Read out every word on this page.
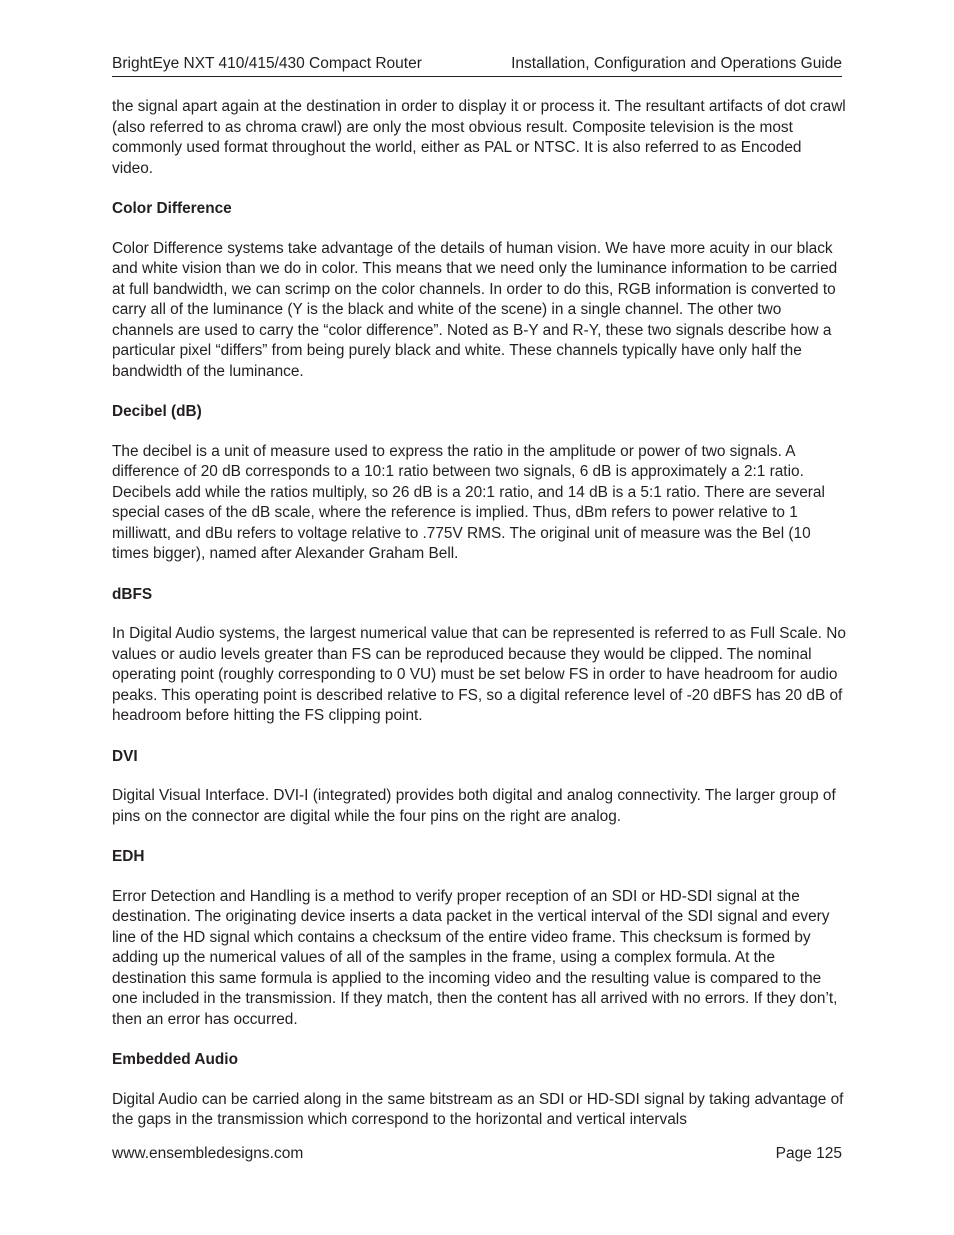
BrightEye NXT 410/415/430 Compact Router	Installation, Configuration and Operations Guide

the signal apart again at the destination in order to display it or process it. The resultant artifacts of dot crawl (also referred to as chroma crawl) are only the most obvious result. Composite television is the most commonly used format throughout the world, either as PAL or NTSC. It is also referred to as Encoded video.

Color Difference

Color Difference systems take advantage of the details of human vision. We have more acuity in our black and white vision than we do in color. This means that we need only the luminance information to be carried at full bandwidth, we can scrimp on the color channels. In order to do this, RGB information is converted to carry all of the luminance (Y is the black and white of the scene) in a single channel. The other two channels are used to carry the “color difference”. Noted as B-Y and R-Y, these two signals describe how a particular pixel “differs” from being purely black and white. These channels typically have only half the bandwidth of the luminance.

Decibel (dB)

The decibel is a unit of measure used to express the ratio in the amplitude or power of two signals. A difference of 20 dB corresponds to a 10:1 ratio between two signals, 6 dB is approximately a 2:1 ratio. Decibels add while the ratios multiply, so 26 dB is a 20:1 ratio, and 14 dB is a 5:1 ratio. There are several special cases of the dB scale, where the reference is implied. Thus, dBm refers to power relative to 1 milliwatt, and dBu refers to voltage relative to .775V RMS. The original unit of measure was the Bel (10 times bigger), named after Alexander Graham Bell.

dBFS

In Digital Audio systems, the largest numerical value that can be represented is referred to as Full Scale. No values or audio levels greater than FS can be reproduced because they would be clipped. The nominal operating point (roughly corresponding to 0 VU) must be set below FS in order to have headroom for audio peaks. This operating point is described relative to FS, so a digital reference level of -20 dBFS has 20 dB of headroom before hitting the FS clipping point.

DVI

Digital Visual Interface. DVI-I (integrated) provides both digital and analog connectivity. The larger group of pins on the connector are digital while the four pins on the right are analog.

EDH

Error Detection and Handling is a method to verify proper reception of an SDI or HD-SDI signal at the destination. The originating device inserts a data packet in the vertical interval of the SDI signal and every line of the HD signal which contains a checksum of the entire video frame. This checksum is formed by adding up the numerical values of all of the samples in the frame, using a complex formula. At the destination this same formula is applied to the incoming video and the resulting value is compared to the one included in the transmission. If they match, then the content has all arrived with no errors. If they don’t, then an error has occurred.

Embedded Audio

Digital Audio can be carried along in the same bitstream as an SDI or HD-SDI signal by taking advantage of the gaps in the transmission which correspond to the horizontal and vertical intervals

www.ensembledesigns.com	Page 125
